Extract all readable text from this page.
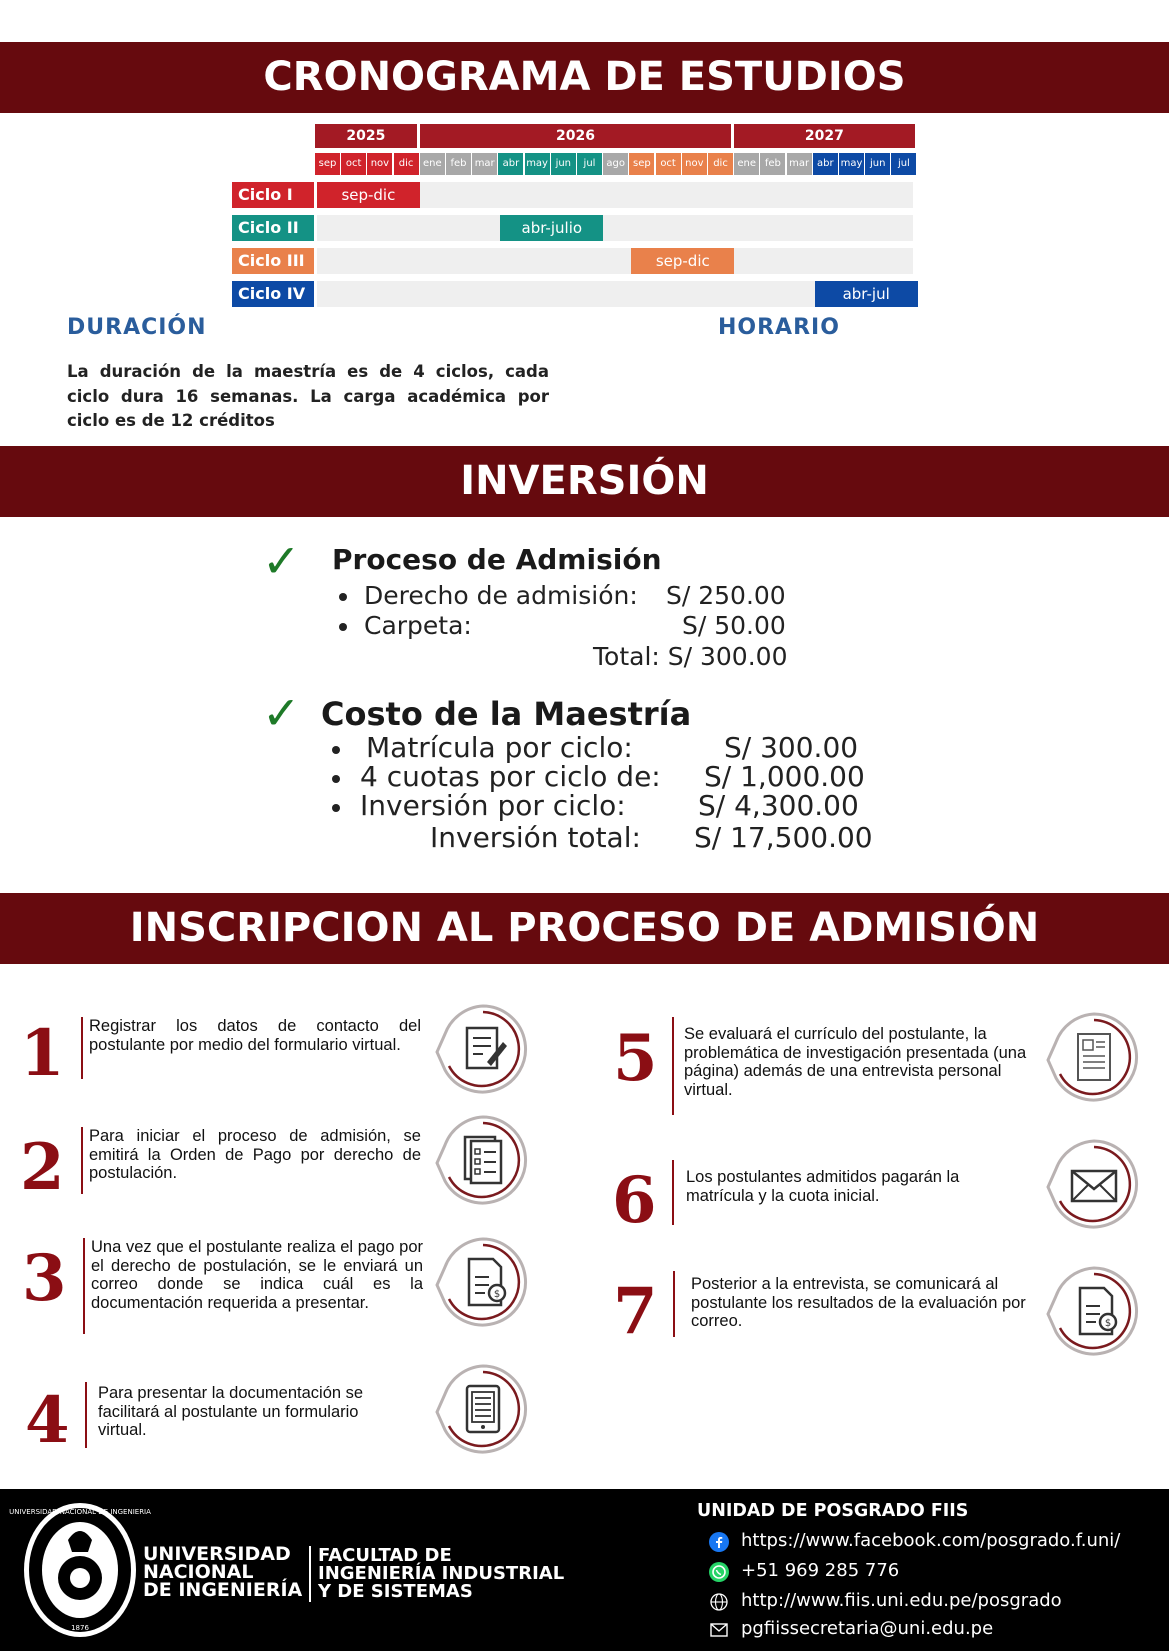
CRONOGRAMA DE ESTUDIOS
2025	2026	2027
sep oct nov dic ene feb mar abr may jun	jul	ago sep oct nov dic ene feb mar abr may jun	jul
Ciclo I	sep-dic
Ciclo II	abr-julio
Ciclo III	sep-dic
Ciclo IV	abr-jul
DURACIÓN	HORARIO
La duración de la maestría es de 4 ciclos, cada ciclo dura 16 semanas. La carga académica por ciclo es de 12 créditos
INVERSIÓN
✓ Proceso de Admisión
Derecho de admisión: S/ 250.00
Carpeta:	S/ 50.00
Total: S/ 300.00
✓ Costo de la Maestría
Matrícula por ciclo:	S/ 300.00
4 cuotas por ciclo de: S/ 1,000.00
Inversión por ciclo:	S/ 4,300.00
Inversión total: S/ 17,500.00
INSCRIPCION AL PROCESO DE ADMISIÓN
1 Registrar los datos de contacto del postulante por medio del formulario virtual.
2 Para iniciar el proceso de admisión, se emitirá la Orden de Pago por derecho de postulación.
3 Una vez que el postulante realiza el pago por el derecho de postulación, se le enviará un correo donde se indica cuál es la documentación requerida a presentar.	$
4 Para presentar la documentación se facilitará al postulante un formulario virtual.
5 Se evaluará el currículo del postulante, la problemática de investigación presentada (una página) además de una entrevista personal virtual.
6 Los postulantes admitidos pagarán la matrícula y la cuota inicial.
7 Posterior a la entrevista, se comunicará al postulante los resultados de la evaluación por correo.	$
UNIVERSIDAD NACIONAL DE INGENIERIA
1876
UNIVERSIDAD
NACIONAL
DE INGENIERÍA
FACULTAD DE
INGENIERÍA INDUSTRIAL
Y DE SISTEMAS
UNIDAD DE POSGRADO FIIS
https://www.facebook.com/posgrado.f.uni/
+51 969 285 776
http://www.fiis.uni.edu.pe/posgrado
pgfiissecretaria@uni.edu.pe
